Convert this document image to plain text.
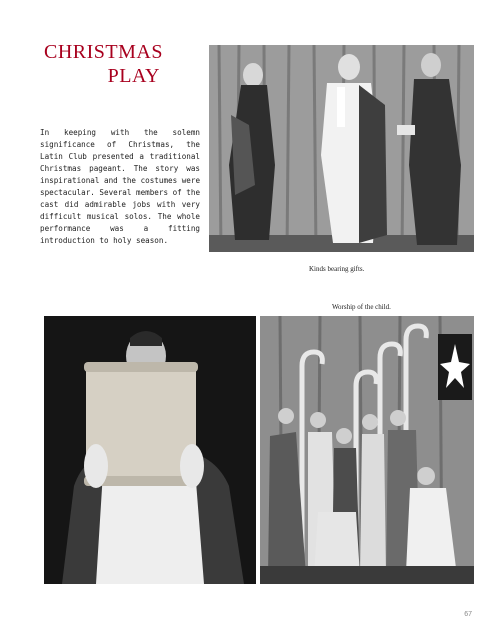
CHRISTMAS
PLAY
In keeping with the solemn significance of Christmas, the Latin Club presented a traditional Christmas pageant. The story was inspirational and the costumes were spectacular. Several members of the cast did admirable jobs with very difficult musical solos. The whole performance was a fitting introduction to holy season.
Kinds bearing gifts.
Worship of the child.
67
